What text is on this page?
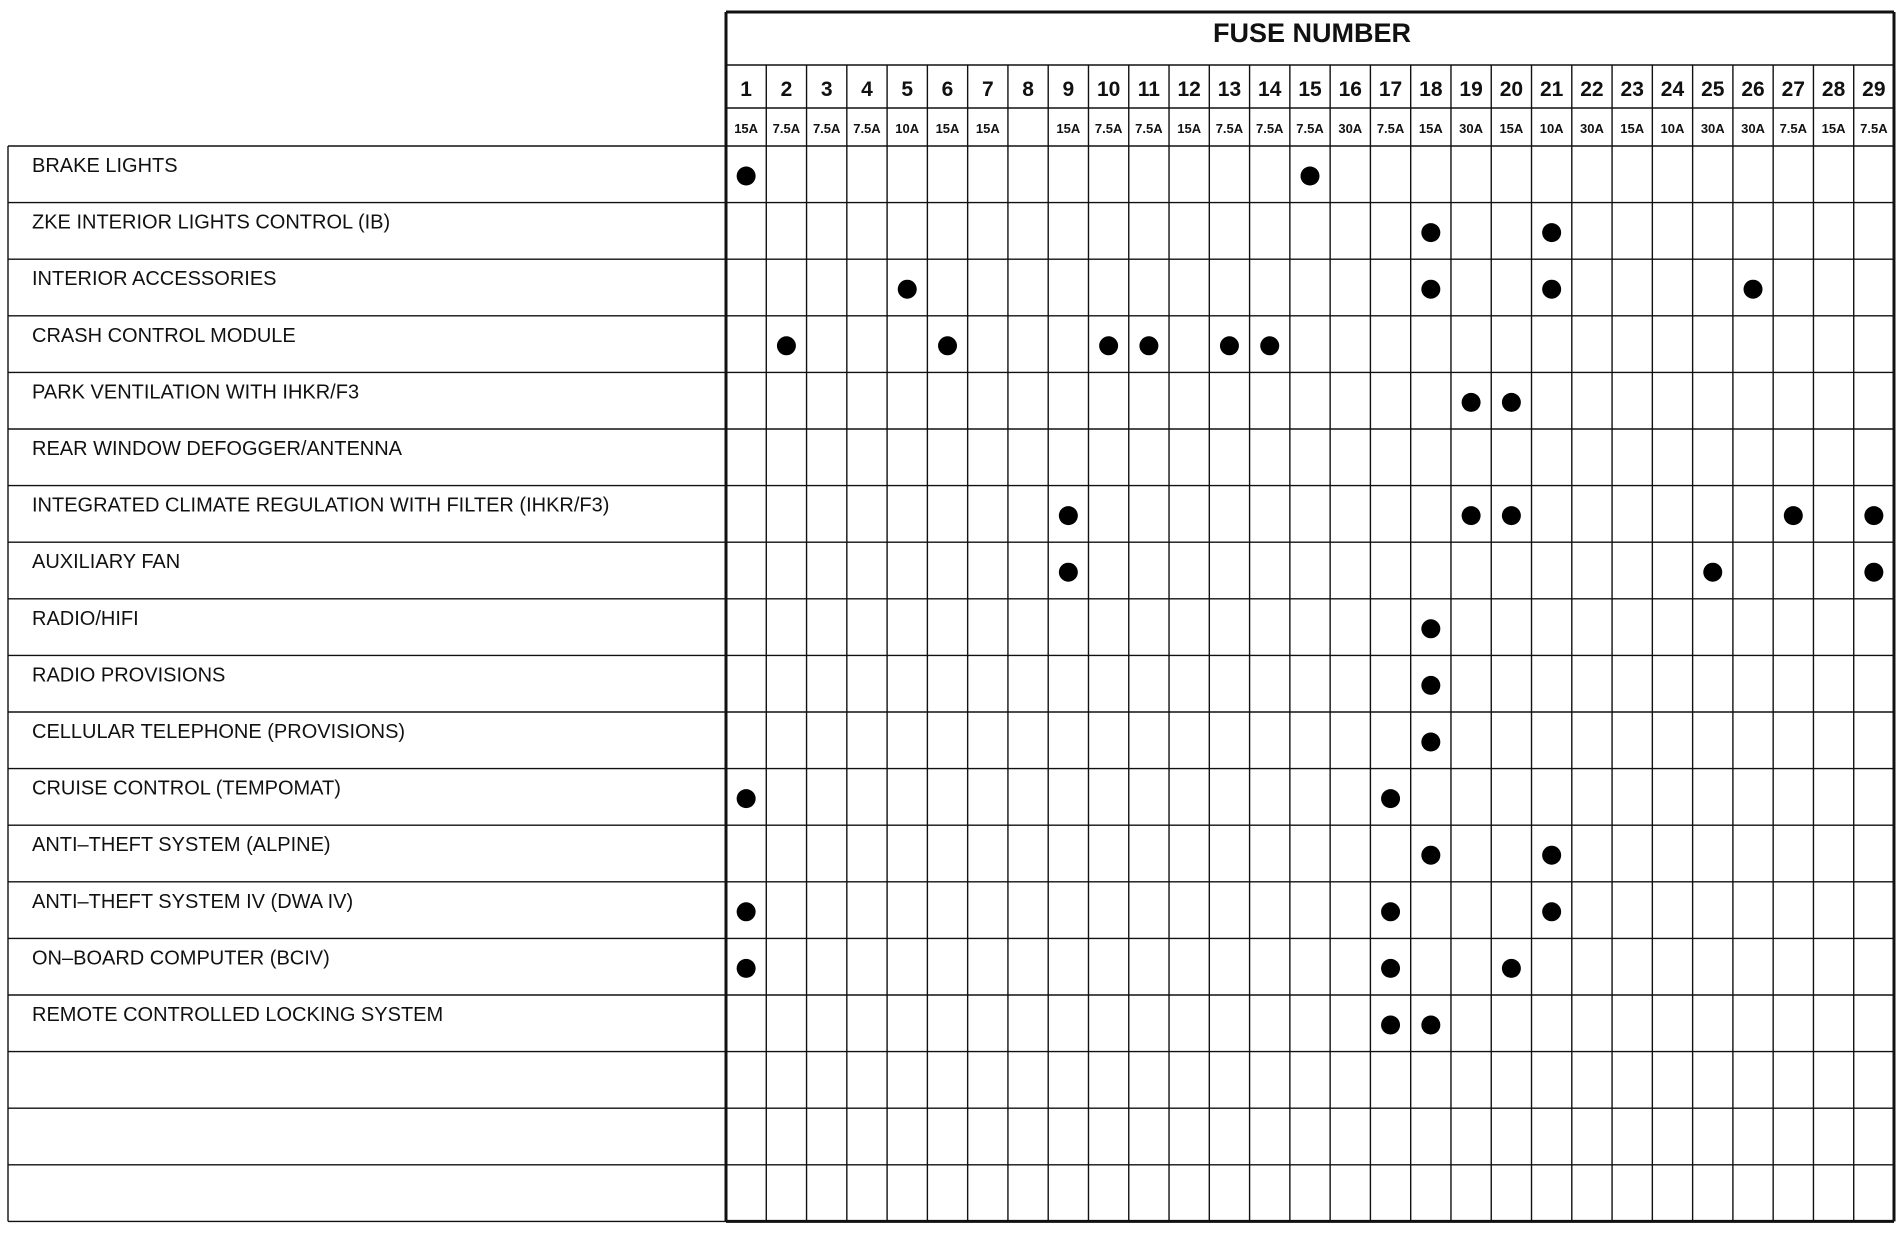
FUSE NUMBER
1
15A
2
7.5A
3
7.5A
4
7.5A
5
10A
6
15A
7
15A
8 9
15A
10
7.5A
11
7.5A
12
15A
13
7.5A
14
7.5A
15
7.5A
16
30A
17
7.5A
18
15A
19
30A
20
15A
21
10A
22
30A
23
15A
24
10A
25
30A
26
30A
27
7.5A
28
15A
29
7.5A
BRAKE LIGHTS
ZKE INTERIOR LIGHTS CONTROL (IB)
INTERIOR ACCESSORIES
CRASH CONTROL MODULE
PARK VENTILATION WITH IHKR/F3
REAR WINDOW DEFOGGER/ANTENNA
INTEGRATED CLIMATE REGULATION WITH FILTER (IHKR/F3)
AUXILIARY FAN
RADIO/HIFI
RADIO PROVISIONS
CELLULAR TELEPHONE (PROVISIONS)
CRUISE CONTROL (TEMPOMAT)
ANTI–THEFT SYSTEM (ALPINE)
ANTI–THEFT SYSTEM IV (DWA IV)
ON–BOARD COMPUTER (BCIV)
REMOTE CONTROLLED LOCKING SYSTEM
